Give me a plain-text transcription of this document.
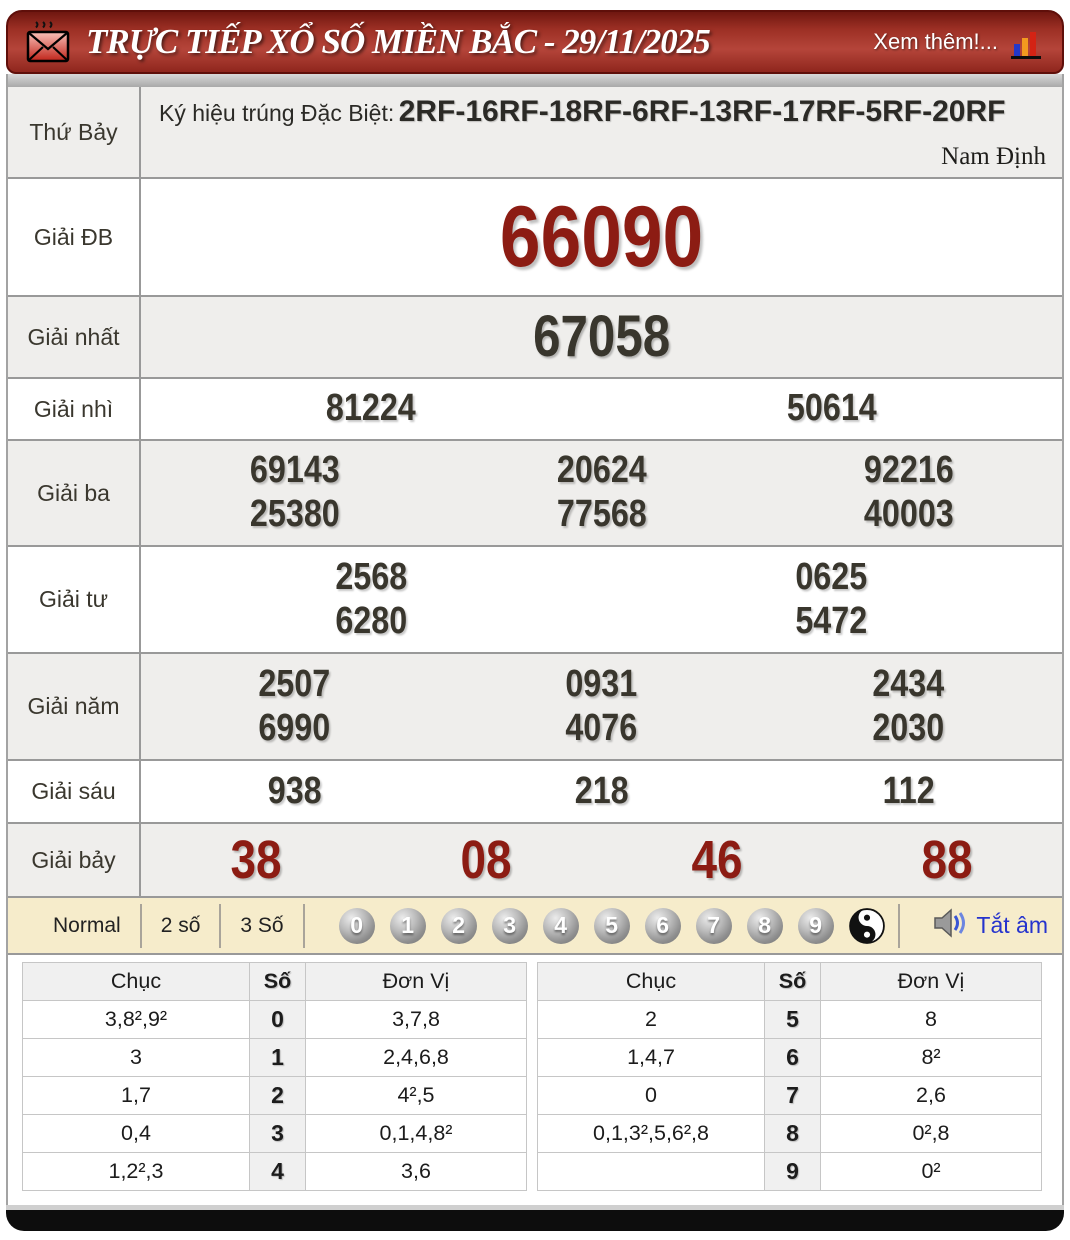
TRỰC TIẾP XỔ SỐ MIỀN BẮC - 29/11/2025	Xem thêm!...
Thứ Bảy
Ký hiệu trúng Đặc Biệt: 2RF-16RF-18RF-6RF-13RF-17RF-5RF-20RF
Nam Định
Giải ĐB	66090
Giải nhất	67058
Giải nhì	81224	50614
Giải ba
69143	20624	92216
25380	77568	40003
Giải tư
2568	0625
6280	5472
Giải năm
2507	0931	2434
6990	4076	2030
Giải sáu	938	218	112
Giải bảy	38	08	46	88
Normal	2 số	3 Số	0	1	2	3	4	5	6	7	8	9	Tắt âm
Chục	Số	Đơn Vị
3,8²,9²	0	3,7,8
3	1	2,4,6,8
1,7	2	4²,5
0,4	3	0,1,4,8²
1,2²,3	4	3,6
Chục	Số	Đơn Vị
2	5	8
1,4,7	6	8²
0	7	2,6
0,1,3²,5,6²,8	8	0²,8
	9	0²
